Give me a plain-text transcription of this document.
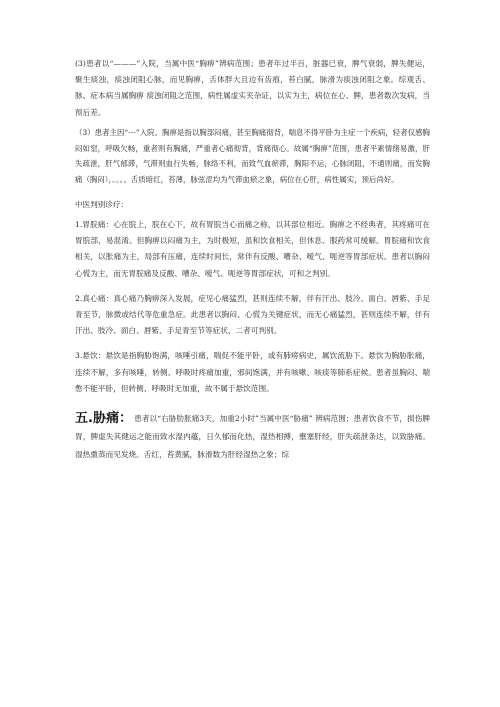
(3)患者以“———”入院，当属中医“胸痹”辨病范围；患者年过半百，脏器已衰，脾气衰弱，脾失健运，聚生痰浊，痰浊闭阻心脉，而见胸痹，舌体胖大且边有齿痕，苔白腻，脉滑为痰浊闭阻之象。综观舌、脉、症本病当属胸痹 痰浊闭阻之范围，病性属虚实夹杂证，以实为主，病位在心、脾，患者数次发病，当预后差。

（3）患者主因“---”入院。胸痹是指以胸部闷痛，甚至胸痛彻背，喘息不得平卧为主症一个疾病，轻者仅感胸闷如窒，呼吸欠畅，重者则有胸痛，严重者心痛彻背，背痛彻心。故属“胸痹”范围，患者平素情绪易激，肝失疏泄，肝气郁滞，气滞则血行失畅，脉络不利，而致气血瘀滞，胸阳不运，心脉闭阻，不通则痛，而发胸痛（胸闷），。。。。舌质暗红，苔薄，脉弦涩均为气滞血瘀之象，病位在心肝，病性属实，预后尚好。

中医判别诊疗：

1.胃脘痛：心在脘上，脘在心下，故有胃脘当心而痛之称，以其部位相近。胸痹之不经典者，其疼痛可在胃脘部，易混淆。但胸痹以闷痛为主，为时极短，虽和饮食相关，但休息、服药常可缓解。胃脘痛和饮食相关，以胀痛为主，局部有压痛，连续时间长，常伴有反酸、嘈杂、嗳气、呃逆等胃部症状。患者以胸闷心慌为主，而无胃脘痛及反酸、嘈杂、嗳气、呃逆等胃部症状，可和之判别。

2.真心痛：真心痛乃胸痹深入发展，症见心痛猛烈，甚则连续不解，伴有汗出、肢冷、面白、唇紫、手足青至节，脉微或结代等危重急症。此患者以胸闷、心慌为关键症状，而无心痛猛烈，甚则连续不解，伴有汗出、肢冷、面白、唇紫、手足青至节等症状，二者可判别。

3.悬饮：悬饮是指胸胁饱满，咳唾引痛，喘促不能平卧，或有肺痨病史，属饮流胁下。悬饮为胸胁胀痛，连续不解，多有咳唾，转侧、呼吸时疼痛加重，邪间饱满，并有咳嗽、咳痰等肺系症候。患者虽胸闷、喘憋不能平卧，但转侧、呼吸时无加重，故不属于悬饮范围。

五.胁痛： 患者以“右胁肋胀痛3天，加重2小时”当属中医“胁痛” 辨病范围；患者饮食不节，损伤脾胃，脾虚失其健运之能而致水湿内蕴，日久郁而化热，湿热相搏，壅塞肝经，肝失疏泄条达，以致胁痛。湿热熏蒸而见发烧。舌红，苔黄腻，脉滑数为肝经湿热之象；综
